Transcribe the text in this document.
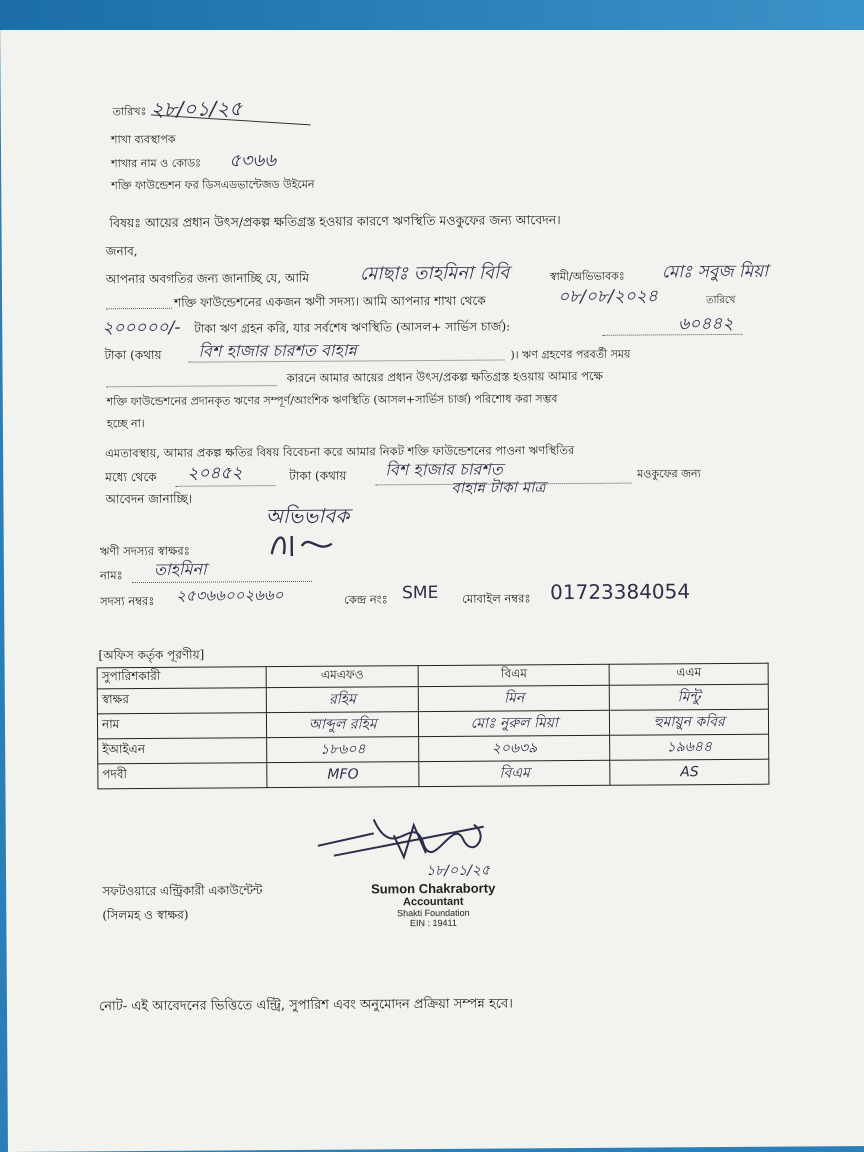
তারিখঃ ২৮/০১/২৫
শাখা ব্যবস্থাপক
শাখার নাম ও কোডঃ ৫৩৬৬
শক্তি ফাউন্ডেশন ফর ডিসএডভান্টেজড উইমেন
বিষয়ঃ আয়ের প্রধান উৎস/প্রকল্প ক্ষতিগ্রস্ত হওয়ার কারণে ঋণস্থিতি মওকুফের জন্য আবেদন।
জনাব,
আপনার অবগতির জন্য জানাচ্ছি যে, আমি	মোছাঃ তাহমিনা বিবি	স্বামী/অভিভাবকঃ মোঃ সবুজ মিয়া
শক্তি ফাউন্ডেশনের একজন ঋণী সদস্য। আমি আপনার শাখা থেকে	০৮/০৮/২০২৪	তারিখে
২০০০০০/- টাকা ঋণ গ্রহন করি, যার সর্বশেষ ঋণস্থিতি (আসল+ সার্ভিস চার্জ):	৬০৪৪২
টাকা (কথায় বিশ হাজার চারশত বাহান্ন	)। ঋণ গ্রহণের পরবর্তী সময়
কারনে আমার আয়ের প্রধান উৎস/প্রকল্প ক্ষতিগ্রস্ত হওয়ায় আমার পক্ষে
শক্তি ফাউন্ডেশনের প্রদানকৃত ঋণের সম্পূর্ণ/আংশিক ঋণস্থিতি (আসল+সার্ভিস চার্জ) পরিশোধ করা সম্ভব
হচ্ছে না।
এমতাবস্থায়, আমার প্রকল্প ক্ষতির বিষয় বিবেচনা করে আমার নিকট শক্তি ফাউন্ডেশনের পাওনা ঋণস্থিতির
মধ্যে থেকে ২০৪৫২	টাকা (কথায় বিশ হাজার চারশত
বাহান্ন টাকা মাত্র
মওকুফের জন্য
আবেদন জানাচ্ছি।
অভিভাবক
ঋণী সদস্যর স্বাক্ষরঃ
নামঃ তাহমিনা
সদস্য নম্বরঃ ২৫৩৬৬০০২৬৬০	কেন্দ্র নংঃ SME মোবাইল নম্বরঃ 01723384054
[অফিস কর্তৃক পূরণীয়]
সুপারিশকারী	এমএফও	বিএম	এএম
স্বাক্ষর	রহিম	মিন	মিন্টু
নাম	আব্দুল রহিম	মোঃ নুরুল মিয়া	হুমায়ুন কবির
ইআইএন	১৮৬০৪	২০৬৩৯	১৯৬৪৪
পদবী	MFO	বিএম	AS
সফটওয়ারে এন্ট্রিকারী একাউন্টেন্ট
(সিলমহ ও স্বাক্ষর)
১৮/০১/২৫
Sumon Chakraborty
Accountant
Shakti Foundation
EIN : 19411
নোট- এই আবেদনের ভিত্তিতে এন্ট্রি, সুপারিশ এবং অনুমোদন প্রক্রিয়া সম্পন্ন হবে।
